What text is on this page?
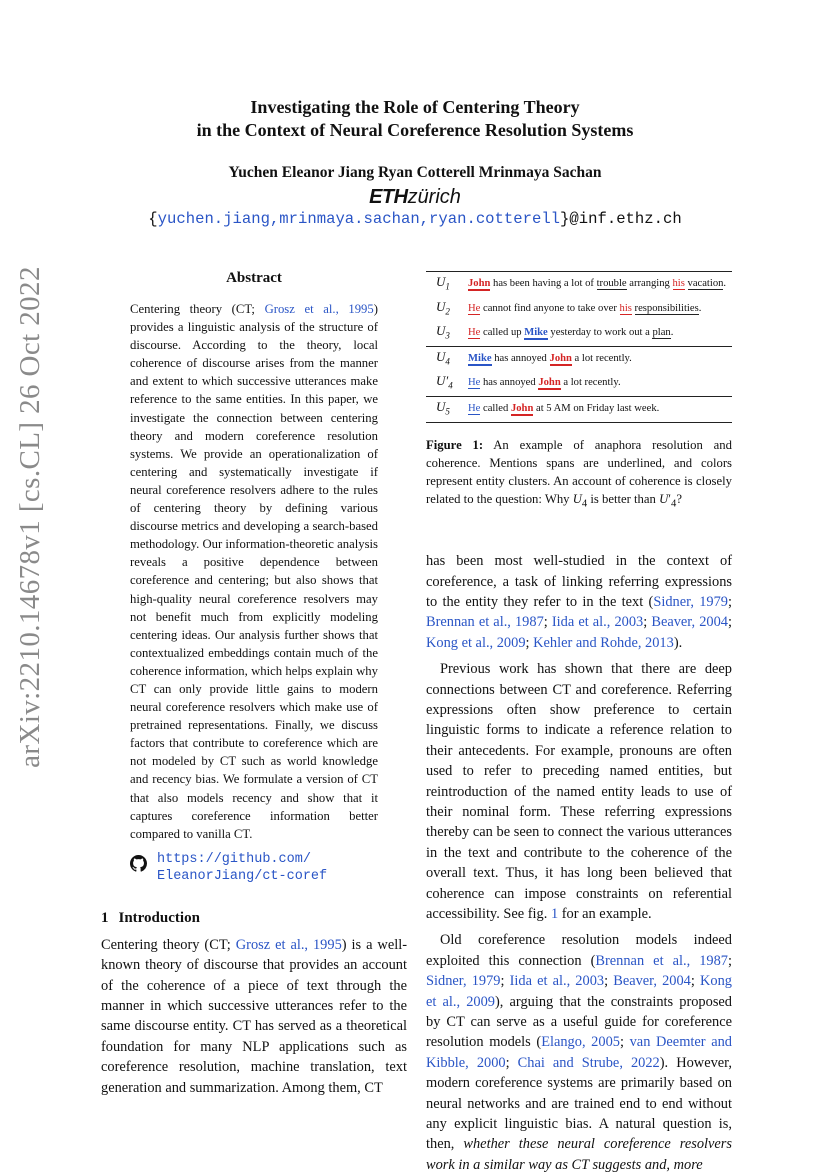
arXiv:2210.14678v1 [cs.CL] 26 Oct 2022
Investigating the Role of Centering Theory
in the Context of Neural Coreference Resolution Systems
Yuchen Eleanor Jiang Ryan Cotterell Mrinmaya Sachan
ETHzürich
{yuchen.jiang,mrinmaya.sachan,ryan.cotterell}@inf.ethz.ch
Abstract
Centering theory (CT; Grosz et al., 1995) provides a linguistic analysis of the structure of discourse. According to the theory, local coherence of discourse arises from the manner and extent to which successive utterances make reference to the same entities. In this paper, we investigate the connection between centering theory and modern coreference resolution systems. We provide an operationalization of centering and systematically investigate if neural coreference resolvers adhere to the rules of centering theory by defining various discourse metrics and developing a search-based methodology. Our information-theoretic analysis reveals a positive dependence between coreference and centering; but also shows that high-quality neural coreference resolvers may not benefit much from explicitly modeling centering ideas. Our analysis further shows that contextualized embeddings contain much of the coherence information, which helps explain why CT can only provide little gains to modern neural coreference resolvers which make use of pretrained representations. Finally, we discuss factors that contribute to coreference which are not modeled by CT such as world knowledge and recency bias. We formulate a version of CT that also models recency and show that it captures coreference information better compared to vanilla CT.
https://github.com/
EleanorJiang/ct-coref
1 Introduction
Centering theory (CT; Grosz et al., 1995) is a well-known theory of discourse that provides an account of the coherence of a piece of text through the manner in which successive utterances refer to the same discourse entity. CT has served as a theoretical foundation for many NLP applications such as coreference resolution, machine translation, text generation and summarization. Among them, CT
$U_1$	John has been having a lot of trouble arranging his vacation.
$U_2$	He cannot find anyone to take over his responsibilities.
$U_3$	He called up Mike yesterday to work out a plan.
$U_4$	Mike has annoyed John a lot recently.
$U'_4$	He has annoyed John a lot recently.
$U_5$	He called John at 5 AM on Friday last week.
Figure 1: An example of anaphora resolution and coherence. Mentions spans are underlined, and colors represent entity clusters. An account of coherence is closely related to the question: Why $U_4$ is better than $U'_4$?
has been most well-studied in the context of coreference, a task of linking referring expressions to the entity they refer to in the text (Sidner, 1979; Brennan et al., 1987; Iida et al., 2003; Beaver, 2004; Kong et al., 2009; Kehler and Rohde, 2013).
Previous work has shown that there are deep connections between CT and coreference. Referring expressions often show preference to certain linguistic forms to indicate a reference relation to their antecedents. For example, pronouns are often used to refer to preceding named entities, but reintroduction of the named entity leads to use of their nominal form. These referring expressions thereby can be seen to connect the various utterances in the text and contribute to the coherence of the overall text. Thus, it has long been believed that coherence can impose constraints on referential accessibility. See fig. 1 for an example.
Old coreference resolution models indeed exploited this connection (Brennan et al., 1987; Sidner, 1979; Iida et al., 2003; Beaver, 2004; Kong et al., 2009), arguing that the constraints proposed by CT can serve as a useful guide for coreference resolution models (Elango, 2005; van Deemter and Kibble, 2000; Chai and Strube, 2022). However, modern coreference systems are primarily based on neural networks and are trained end to end without any explicit linguistic bias. A natural question is, then, whether these neural coreference resolvers work in a similar way as CT suggests and, more
